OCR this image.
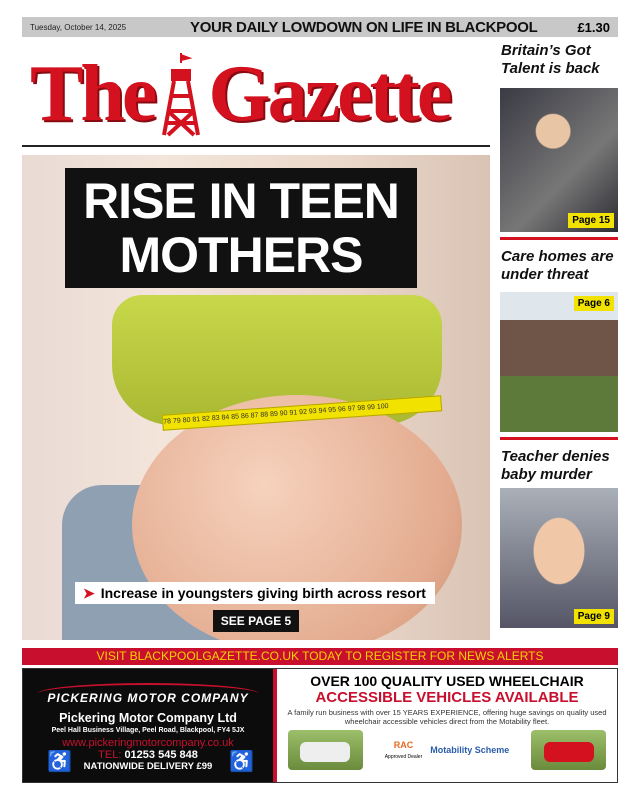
Tuesday, October 14, 2025	YOUR DAILY LOWDOWN ON LIFE IN BLACKPOOL	£1.30
The Gazette
78 79 80 81 82 83 84 85 86 87 88 89 90 91 92 93 94 95 96 97 98 99 100
RISE IN TEEN
MOTHERS
➤ Increase in youngsters giving birth across resort
SEE PAGE 5
Britain’s Got Talent is back
Page 15
Care homes are under threat
Page 6
Teacher denies baby murder
Page 9
VISIT BLACKPOOLGAZETTE.CO.UK TODAY TO REGISTER FOR NEWS ALERTS
PICKERING MOTOR COMPANY
Pickering Motor Company Ltd
Peel Hall Business Village, Peel Road, Blackpool, FY4 5JX
www.pickeringmotorcompany.co.uk
TEL: 01253 545 848
NATIONWIDE DELIVERY £99
♿	♿
OVER 100 QUALITY USED WHEELCHAIR
ACCESSIBLE VEHICLES AVAILABLE
A family run business with over 15 YEARS EXPERIENCE, offering huge savings on quality used wheelchair accessible vehicles direct from the Motability fleet.
RAC
Approved Dealer
Motability Scheme
